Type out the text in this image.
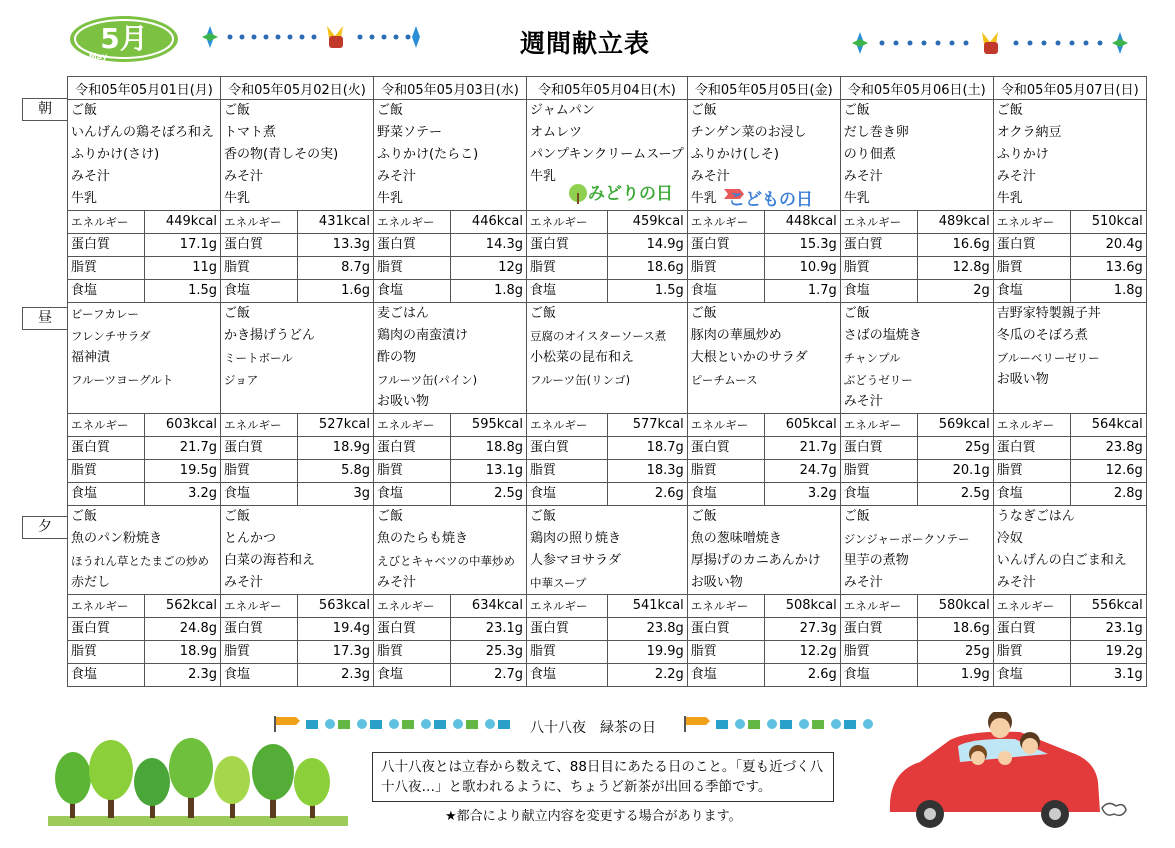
5月
May	週間献立表
朝
昼
夕
令和05年05月01日(月)		令和05年05月02日(火)		令和05年05月03日(水)		令和05年05月04日(木)		令和05年05月05日(金)		令和05年05月06日(土)		令和05年05月07日(日)	
ご飯		ご飯		ご飯		ジャムパン		ご飯		ご飯		ご飯	
いんげんの鶏そぼろ和え		トマト煮		野菜ソテー		オムレツ		チンゲン菜のお浸し		だし巻き卵		オクラ納豆	
ふりかけ(さけ)		香の物(青しその実)		ふりかけ(たらこ)		パンプキンクリームスープ		ふりかけ(しそ)		のり佃煮		ふりかけ	
みそ汁		みそ汁		みそ汁		牛乳		みそ汁		みそ汁		みそ汁	
牛乳		牛乳		牛乳				牛乳		牛乳		牛乳	
エネルギー	449kcal	エネルギー	431kcal	エネルギー	446kcal	エネルギー	459kcal	エネルギー	448kcal	エネルギー	489kcal	エネルギー	510kcal
蛋白質	17.1g	蛋白質	13.3g	蛋白質	14.3g	蛋白質	14.9g	蛋白質	15.3g	蛋白質	16.6g	蛋白質	20.4g
脂質	11g	脂質	8.7g	脂質	12g	脂質	18.6g	脂質	10.9g	脂質	12.8g	脂質	13.6g
食塩	1.5g	食塩	1.6g	食塩	1.8g	食塩	1.5g	食塩	1.7g	食塩	2g	食塩	1.8g
ビーフカレー		ご飯		麦ごはん		ご飯		ご飯		ご飯		吉野家特製親子丼	
フレンチサラダ		かき揚げうどん		鶏肉の南蛮漬け		豆腐のオイスターソース煮		豚肉の華風炒め		さばの塩焼き		冬瓜のそぼろ煮	
福神漬		ミートボール		酢の物		小松菜の昆布和え		大根といかのサラダ		チャンプル		ブルーベリーゼリー	
フルーツヨーグルト		ジョア		フルーツ缶(パイン)		フルーツ缶(リンゴ)		ピーチムース		ぶどうゼリー		お吸い物	
				お吸い物						みそ汁			
エネルギー	603kcal	エネルギー	527kcal	エネルギー	595kcal	エネルギー	577kcal	エネルギー	605kcal	エネルギー	569kcal	エネルギー	564kcal
蛋白質	21.7g	蛋白質	18.9g	蛋白質	18.8g	蛋白質	18.7g	蛋白質	21.7g	蛋白質	25g	蛋白質	23.8g
脂質	19.5g	脂質	5.8g	脂質	13.1g	脂質	18.3g	脂質	24.7g	脂質	20.1g	脂質	12.6g
食塩	3.2g	食塩	3g	食塩	2.5g	食塩	2.6g	食塩	3.2g	食塩	2.5g	食塩	2.8g
ご飯		ご飯		ご飯		ご飯		ご飯		ご飯		うなぎごはん	
魚のパン粉焼き		とんかつ		魚のたらも焼き		鶏肉の照り焼き		魚の葱味噌焼き		ジンジャーポークソテー		冷奴	
ほうれん草とたまごの炒め		白菜の海苔和え		えびとキャベツの中華炒め		人参マヨサラダ		厚揚げのカニあんかけ		里芋の煮物		いんげんの白ごま和え	
赤だし		みそ汁		みそ汁		中華スープ		お吸い物		みそ汁		みそ汁	
エネルギー	562kcal	エネルギー	563kcal	エネルギー	634kcal	エネルギー	541kcal	エネルギー	508kcal	エネルギー	580kcal	エネルギー	556kcal
蛋白質	24.8g	蛋白質	19.4g	蛋白質	23.1g	蛋白質	23.8g	蛋白質	27.3g	蛋白質	18.6g	蛋白質	23.1g
脂質	18.9g	脂質	17.3g	脂質	25.3g	脂質	19.9g	脂質	12.2g	脂質	25g	脂質	19.2g
食塩	2.3g	食塩	2.3g	食塩	2.7g	食塩	2.2g	食塩	2.6g	食塩	1.9g	食塩	3.1g
みどりの日	こどもの日
八十八夜　緑茶の日
八十八夜とは立春から数えて、88日目にあたる日のこと。「夏も近づく八十八夜…」と歌われるように、ちょうど新茶が出回る季節です。
★都合により献立内容を変更する場合があります。
